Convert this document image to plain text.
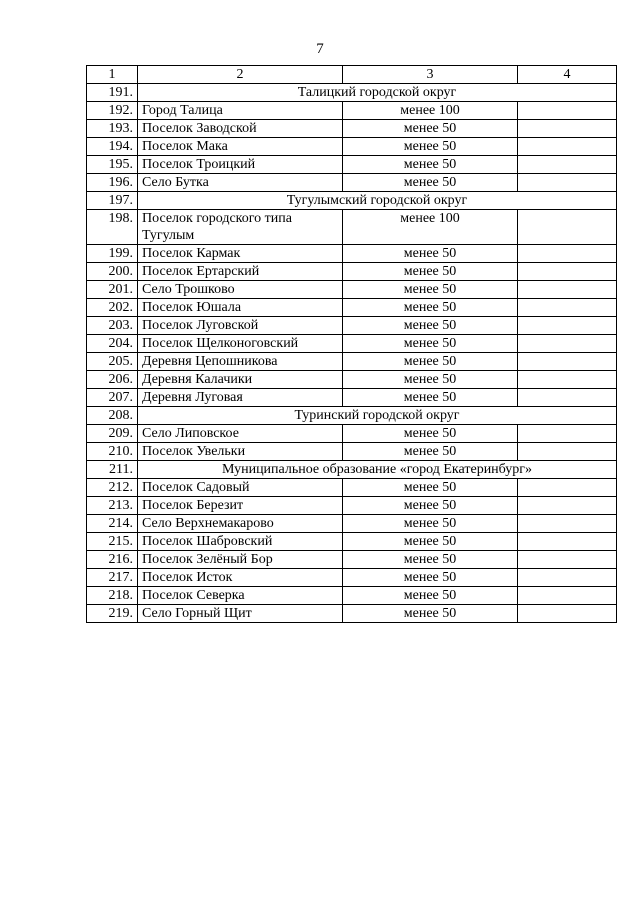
7
1	2	3	4
191.	Талицкий городской округ		
192.	Город Талица	менее 100	
193.	Поселок Заводской	менее 50	
194.	Поселок Мака	менее 50	
195.	Поселок Троицкий	менее 50	
196.	Село Бутка	менее 50	
197.	Тугулымский городской округ		
198.	Поселок городского типа Тугулым	менее 100	
199.	Поселок Кармак	менее 50	
200.	Поселок Ертарский	менее 50	
201.	Село Трошково	менее 50	
202.	Поселок Юшала	менее 50	
203.	Поселок Луговской	менее 50	
204.	Поселок Щелконоговский	менее 50	
205.	Деревня Цепошникова	менее 50	
206.	Деревня Калачики	менее 50	
207.	Деревня Луговая	менее 50	
208.	Туринский городской округ		
209.	Село Липовское	менее 50	
210.	Поселок Увельки	менее 50	
211.	Муниципальное образование «город Екатеринбург»		
212.	Поселок Садовый	менее 50	
213.	Поселок Березит	менее 50	
214.	Село Верхнемакарово	менее 50	
215.	Поселок Шабровский	менее 50	
216.	Поселок Зелёный Бор	менее 50	
217.	Поселок Исток	менее 50	
218.	Поселок Северка	менее 50	
219.	Село Горный Щит	менее 50	
